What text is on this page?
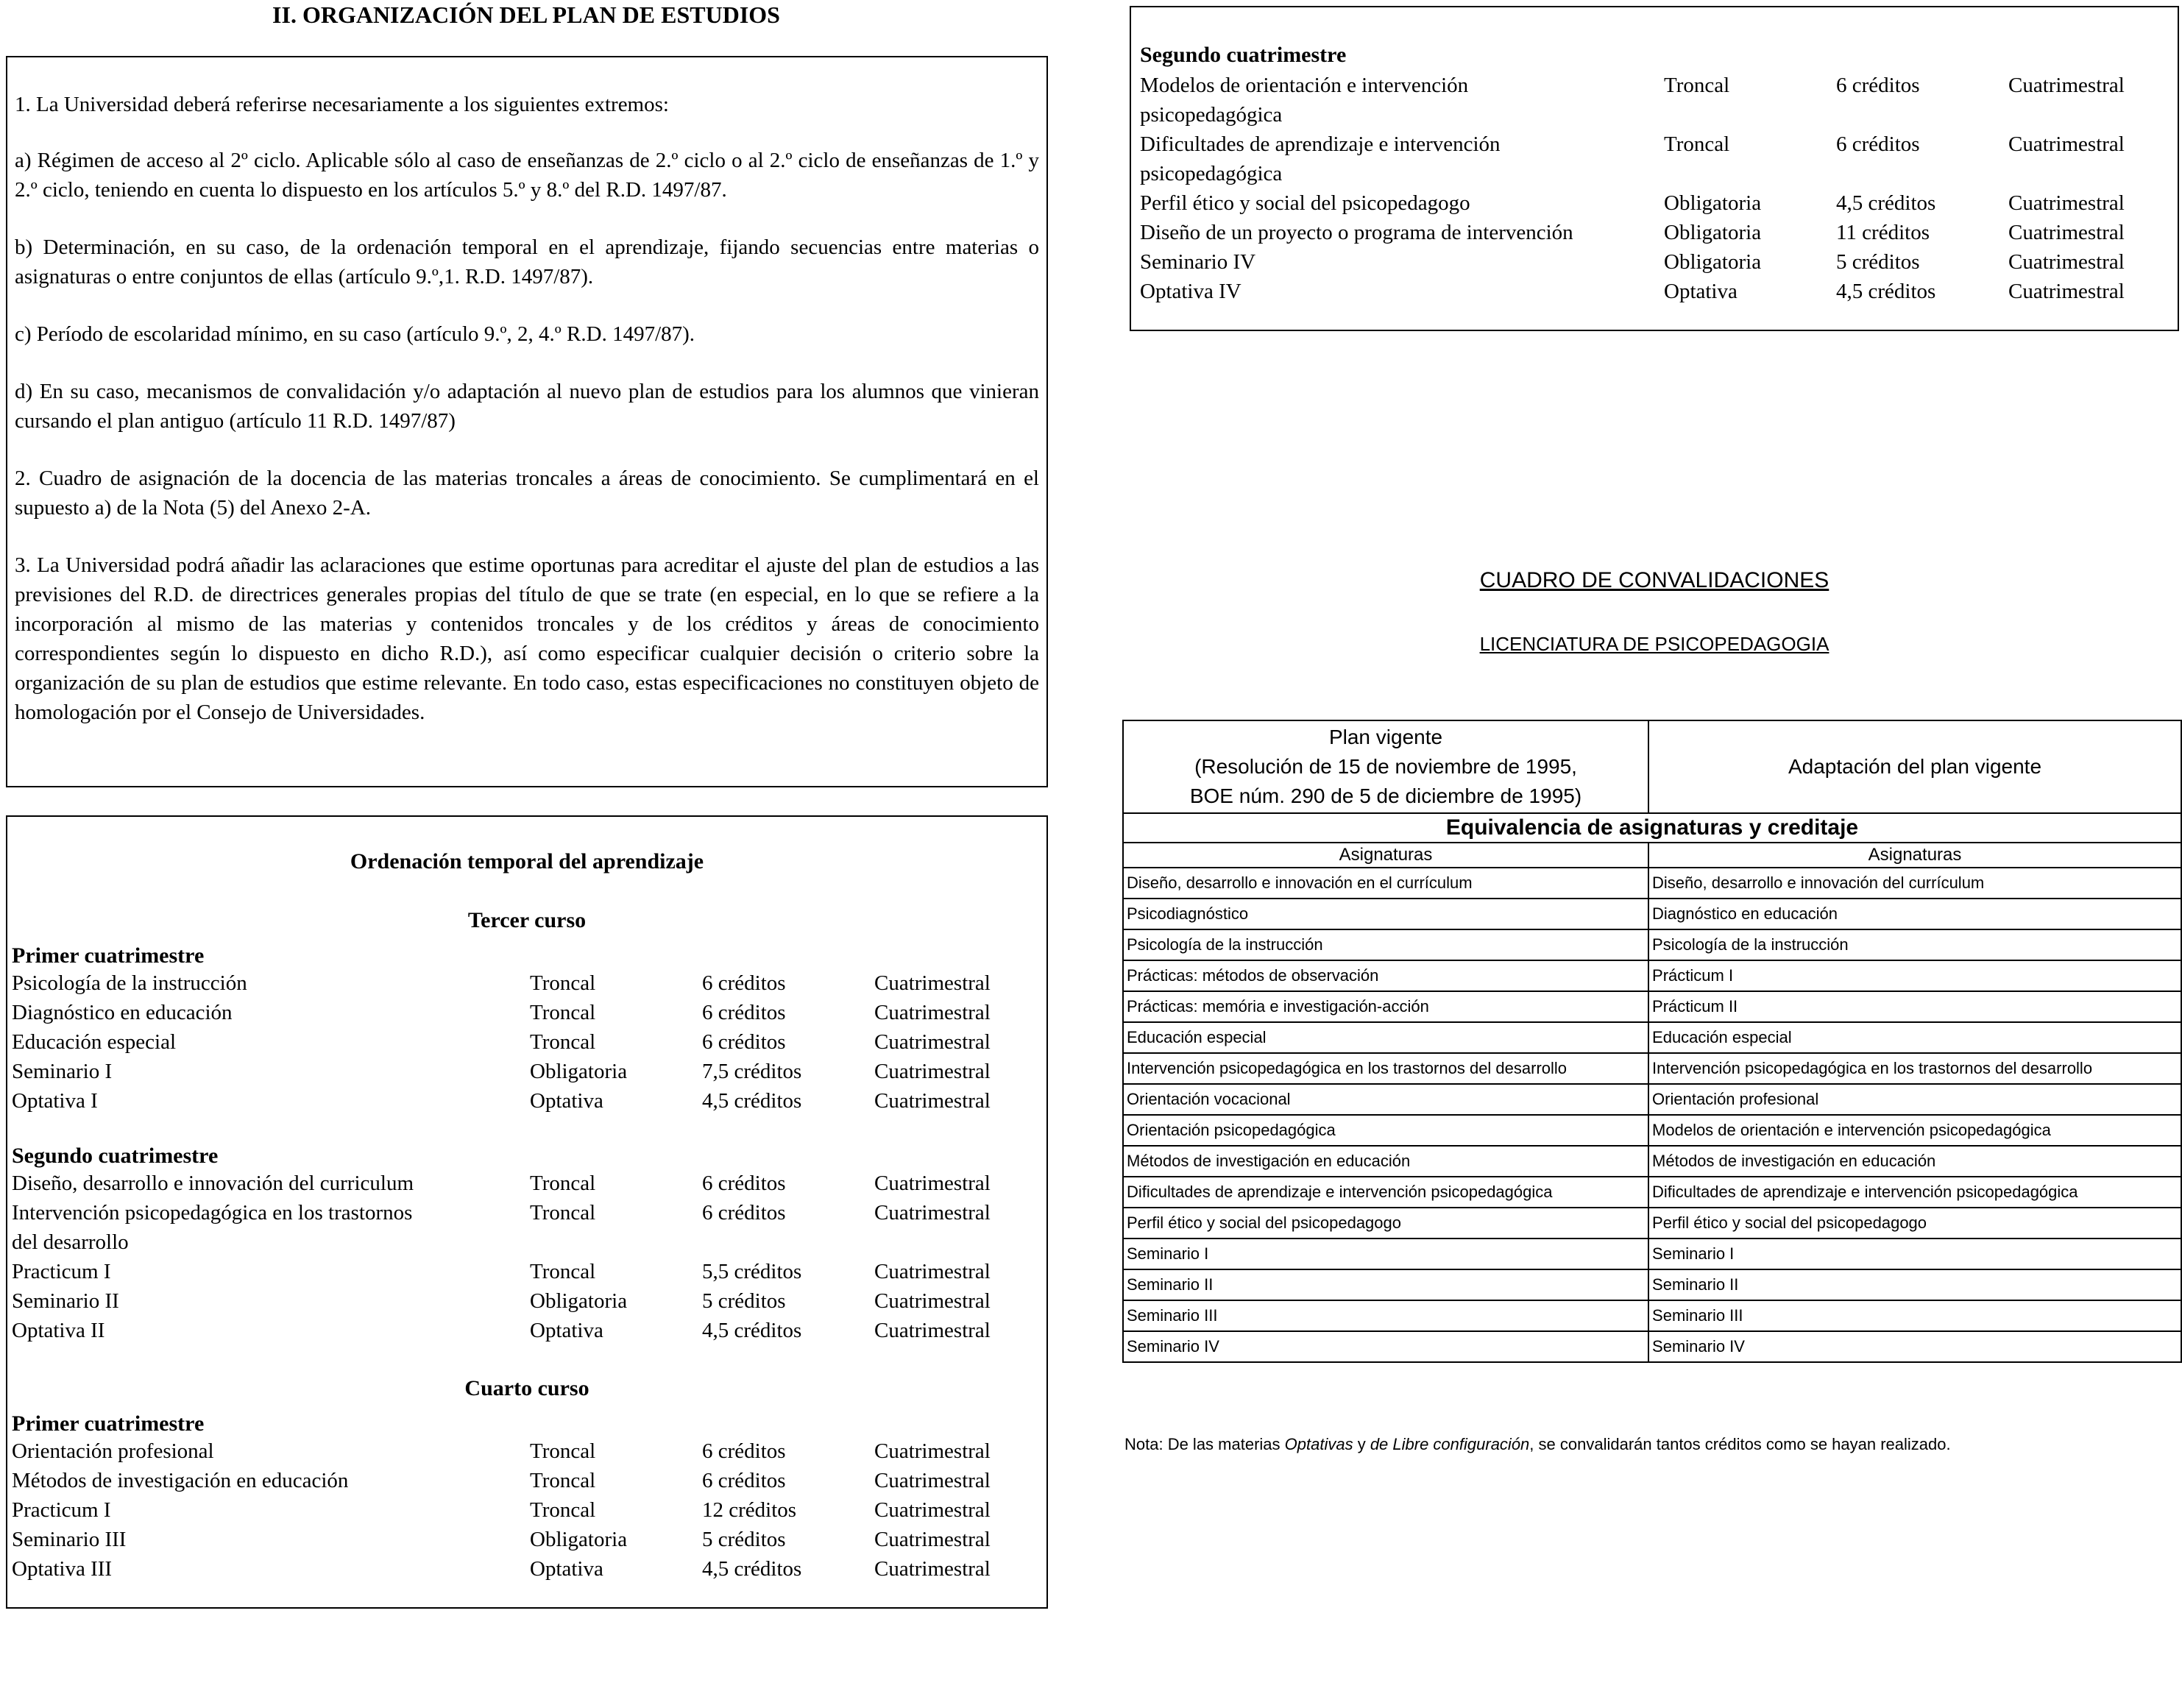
II. ORGANIZACIÓN DEL PLAN DE ESTUDIOS

1. La Universidad deberá referirse necesariamente a los siguientes extremos:

a) Régimen de acceso al 2º ciclo. Aplicable sólo al caso de enseñanzas de 2.º ciclo o al 2.º ciclo de enseñanzas de 1.º y 2.º ciclo, teniendo en cuenta lo dispuesto en los artículos 5.º y 8.º del R.D. 1497/87.

b) Determinación, en su caso, de la ordenación temporal en el aprendizaje, fijando secuencias entre materias o asignaturas o entre conjuntos de ellas (artículo 9.º,1. R.D. 1497/87).

c) Período de escolaridad mínimo, en su caso (artículo 9.º, 2, 4.º R.D. 1497/87).

d) En su caso, mecanismos de convalidación y/o adaptación al nuevo plan de estudios para los alumnos que vinieran cursando el plan antiguo (artículo 11 R.D. 1497/87)

2. Cuadro de asignación de la docencia de las materias troncales a áreas de conocimiento. Se cumplimentará en el supuesto a) de la Nota (5) del Anexo 2-A.

3. La Universidad podrá añadir las aclaraciones que estime oportunas para acreditar el ajuste del plan de estudios a las previsiones del R.D. de directrices generales propias del título de que se trate (en especial, en lo que se refiere a la incorporación al mismo de las materias y contenidos troncales y de los créditos y áreas de conocimiento correspondientes según lo dispuesto en dicho R.D.), así como especificar cualquier decisión o criterio sobre la organización de su plan de estudios que estime relevante. En todo caso, estas especificaciones no constituyen objeto de homologación por el Consejo de Universidades.

Ordenación temporal del aprendizaje
Tercer curso
Primer cuatrimestre
Psicología de la instrucción	Troncal	6 créditos	Cuatrimestral
Diagnóstico en educación	Troncal	6 créditos	Cuatrimestral
Educación especial	Troncal	6 créditos	Cuatrimestral
Seminario I	Obligatoria	7,5 créditos	Cuatrimestral
Optativa I	Optativa	4,5 créditos	Cuatrimestral
Segundo cuatrimestre
Diseño, desarrollo e innovación del curriculum	Troncal	6 créditos	Cuatrimestral
Intervención psicopedagógica en los trastornos	Troncal	6 créditos	Cuatrimestral
del desarrollo
Practicum I	Troncal	5,5 créditos	Cuatrimestral
Seminario II	Obligatoria	5 créditos	Cuatrimestral
Optativa II	Optativa	4,5 créditos	Cuatrimestral
Cuarto curso
Primer cuatrimestre
Orientación profesional	Troncal	6 créditos	Cuatrimestral
Métodos de investigación en educación	Troncal	6 créditos	Cuatrimestral
Practicum I	Troncal	12 créditos	Cuatrimestral
Seminario III	Obligatoria	5 créditos	Cuatrimestral
Optativa III	Optativa	4,5 créditos	Cuatrimestral
Segundo cuatrimestre
Modelos de orientación e intervención	Troncal	6 créditos	Cuatrimestral
psicopedagógica
Dificultades de aprendizaje e intervención	Troncal	6 créditos	Cuatrimestral
psicopedagógica
Perfil ético y social del psicopedagogo	Obligatoria	4,5 créditos	Cuatrimestral
Diseño de un proyecto o programa de intervención	Obligatoria	11 créditos	Cuatrimestral
Seminario IV	Obligatoria	5 créditos	Cuatrimestral
Optativa IV	Optativa	4,5 créditos	Cuatrimestral
CUADRO DE CONVALIDACIONES
LICENCIATURA DE PSICOPEDAGOGIA
Plan vigente
(Resolución de 15 de noviembre de 1995,
BOE núm. 290 de 5 de diciembre de 1995)	Adaptación del plan vigente
Equivalencia de asignaturas y creditaje	
Asignaturas	Asignaturas
Diseño, desarrollo e innovación en el currículum	Diseño, desarrollo e innovación del currículum
Psicodiagnóstico	Diagnóstico en educación
Psicología de la instrucción	Psicología de la instrucción
Prácticas: métodos de observación	Prácticum I
Prácticas: memória e investigación-acción	Prácticum II
Educación especial	Educación especial
Intervención psicopedagógica en los trastornos del desarrollo	Intervención psicopedagógica en los trastornos del desarrollo
Orientación vocacional	Orientación profesional
Orientación psicopedagógica	Modelos de orientación e intervención psicopedagógica
Métodos de investigación en educación	Métodos de investigación en educación
Dificultades de aprendizaje e intervención psicopedagógica	Dificultades de aprendizaje e intervención psicopedagógica
Perfil ético y social del psicopedagogo	Perfil ético y social del psicopedagogo
Seminario I	Seminario I
Seminario II	Seminario II
Seminario III	Seminario III
Seminario IV	Seminario IV
Nota: De las materias Optativas y de Libre configuración, se convalidarán tantos créditos como se hayan realizado.
